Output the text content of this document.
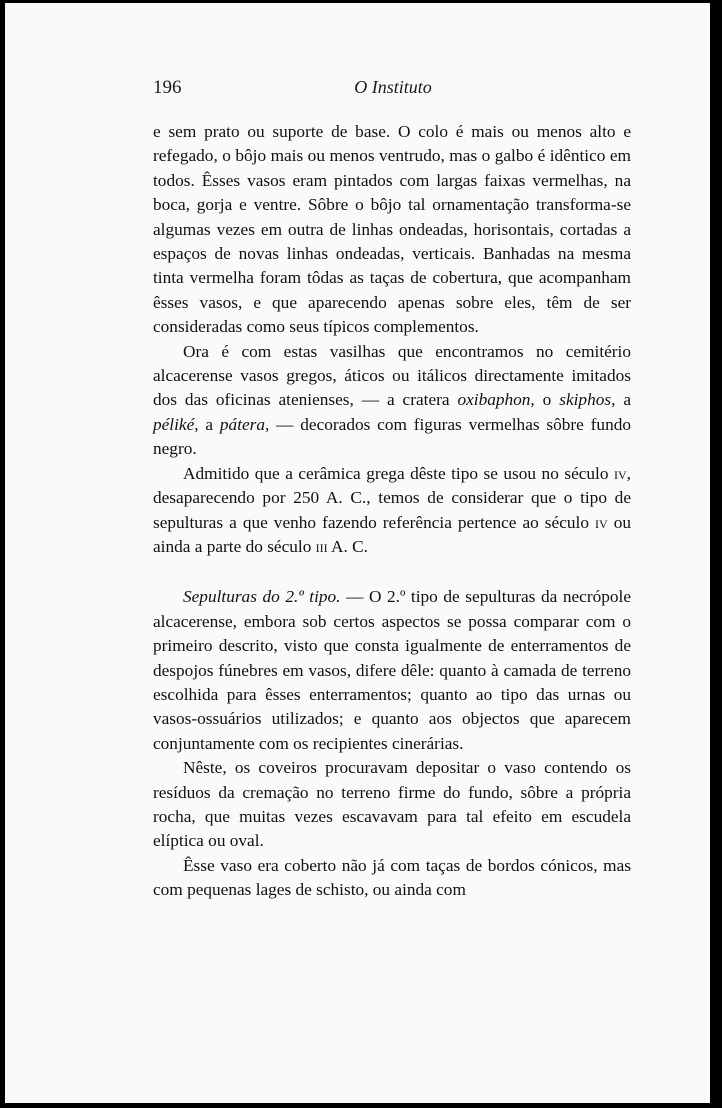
196	O Instituto

e sem prato ou suporte de base. O colo é mais ou menos alto e refegado, o bôjo mais ou menos ventrudo, mas o galbo é idêntico em todos. Êsses vasos eram pintados com largas faixas vermelhas, na boca, gorja e ventre. Sôbre o bôjo tal ornamentação transforma-se algumas vezes em outra de linhas ondeadas, horisontais, cortadas a espaços de novas linhas ondeadas, verticais. Banhadas na mesma tinta vermelha foram tôdas as taças de cobertura, que acompanham êsses vasos, e que aparecendo apenas sobre eles, têm de ser consideradas como seus típicos complementos.

Ora é com estas vasilhas que encontramos no cemitério alcacerense vasos gregos, áticos ou itálicos directamente imitados dos das oficinas atenienses, — a cratera oxibaphon, o skiphos, a péliké, a pátera, — decorados com figuras vermelhas sôbre fundo negro.

Admitido que a cerâmica grega dêste tipo se usou no século iv, desaparecendo por 250 A. C., temos de considerar que o tipo de sepulturas a que venho fazendo referência pertence ao século iv ou ainda a parte do século iii A. C.

Sepulturas do 2.º tipo. — O 2.º tipo de sepulturas da necrópole alcacerense, embora sob certos aspectos se possa comparar com o primeiro descrito, visto que consta igualmente de enterramentos de despojos fúnebres em vasos, difere dêle: quanto à camada de terreno escolhida para êsses enterramentos; quanto ao tipo das urnas ou vasos-ossuários utilizados; e quanto aos objectos que aparecem conjuntamente com os recipientes cinerárias.

Nêste, os coveiros procuravam depositar o vaso contendo os resíduos da cremação no terreno firme do fundo, sôbre a própria rocha, que muitas vezes escavavam para tal efeito em escudela elíptica ou oval.

Êsse vaso era coberto não já com taças de bordos cónicos, mas com pequenas lages de schisto, ou ainda com
